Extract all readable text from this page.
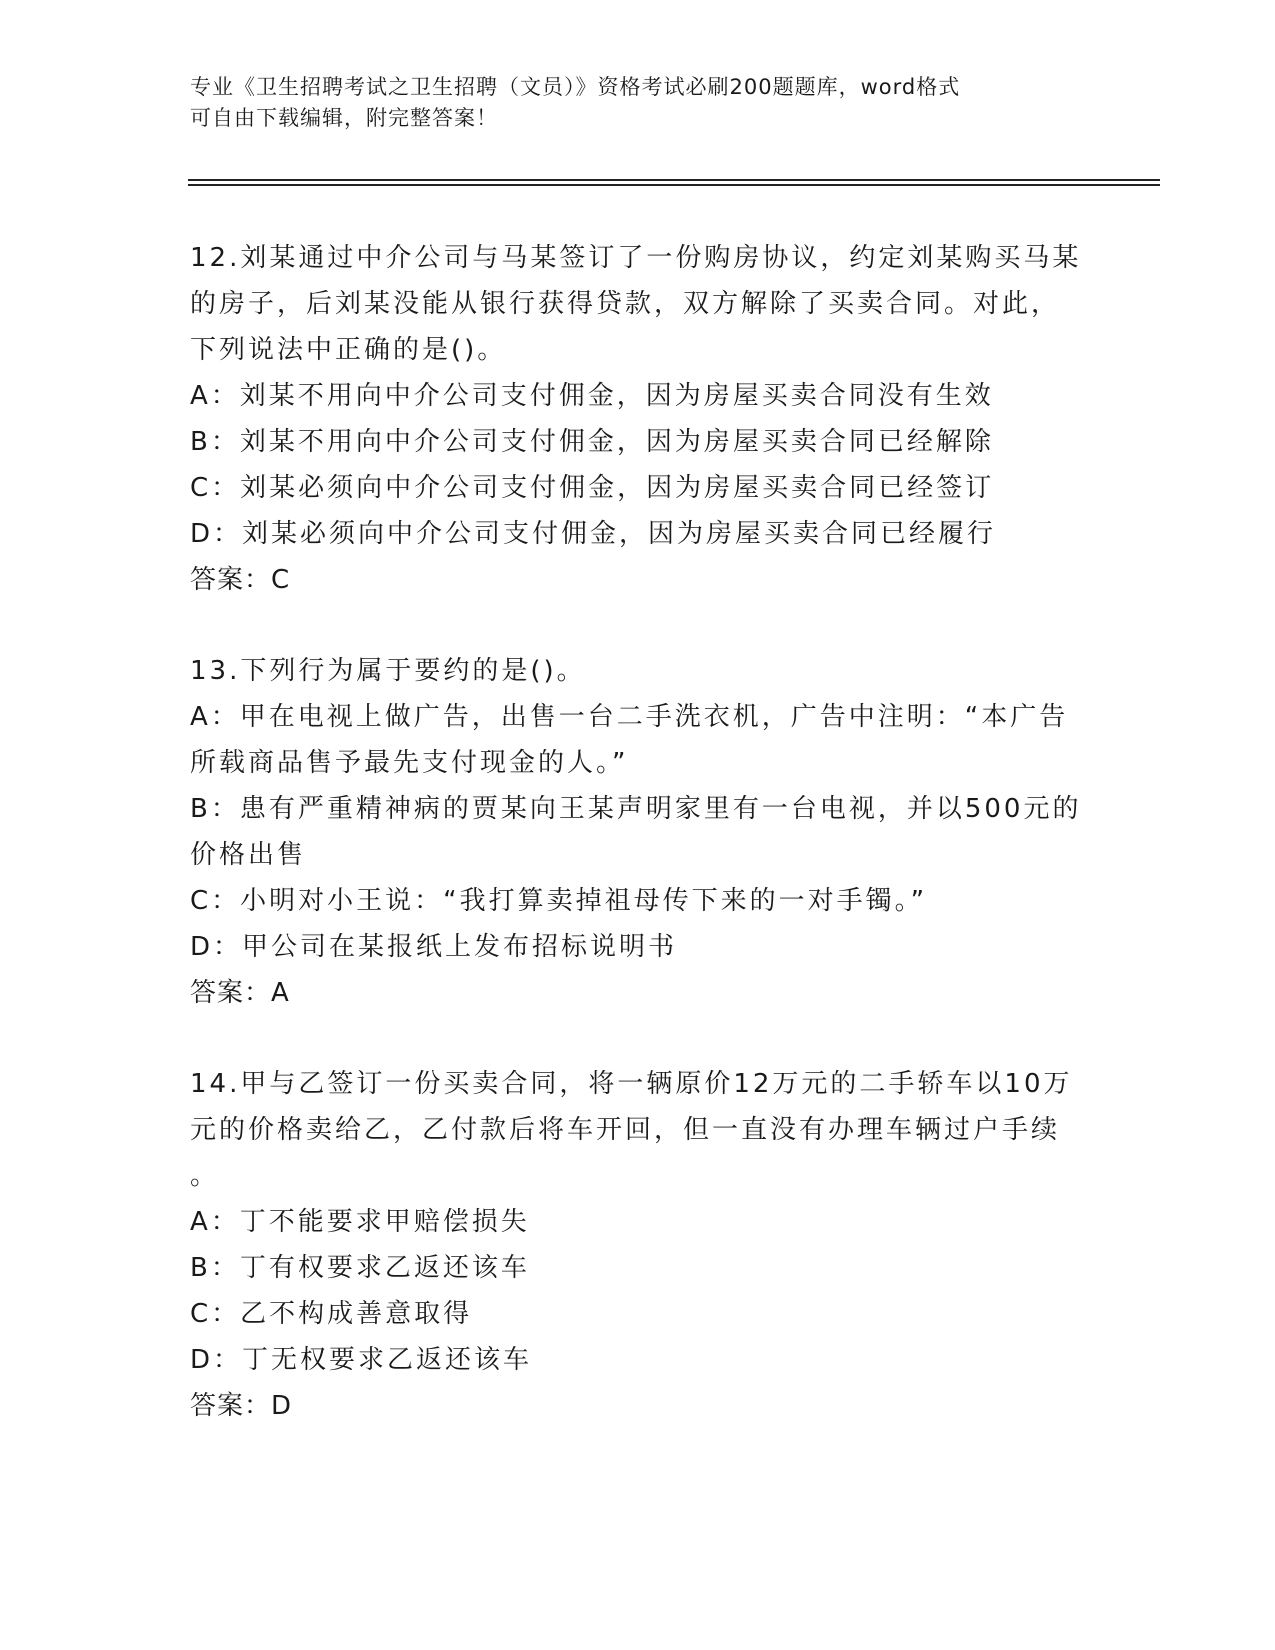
专业《卫生招聘考试之卫生招聘（文员）》资格考试必刷200题题库，word格式
可自由下载编辑，附完整答案！
12.刘某通过中介公司与马某签订了一份购房协议，约定刘某购买马某
的房子，后刘某没能从银行获得贷款，双方解除了买卖合同。对此，
下列说法中正确的是()。
A：刘某不用向中介公司支付佣金，因为房屋买卖合同没有生效
B：刘某不用向中介公司支付佣金，因为房屋买卖合同已经解除
C：刘某必须向中介公司支付佣金，因为房屋买卖合同已经签订
D：刘某必须向中介公司支付佣金，因为房屋买卖合同已经履行
答案：C
13.下列行为属于要约的是()。
A：甲在电视上做广告，出售一台二手洗衣机，广告中注明：“本广告
所载商品售予最先支付现金的人。”
B：患有严重精神病的贾某向王某声明家里有一台电视，并以500元的
价格出售
C：小明对小王说：“我打算卖掉祖母传下来的一对手镯。”
D：甲公司在某报纸上发布招标说明书
答案：A
14.甲与乙签订一份买卖合同，将一辆原价12万元的二手轿车以10万
元的价格卖给乙，乙付款后将车开回，但一直没有办理车辆过户手续
。
A：丁不能要求甲赔偿损失
B：丁有权要求乙返还该车
C：乙不构成善意取得
D：丁无权要求乙返还该车
答案：D
